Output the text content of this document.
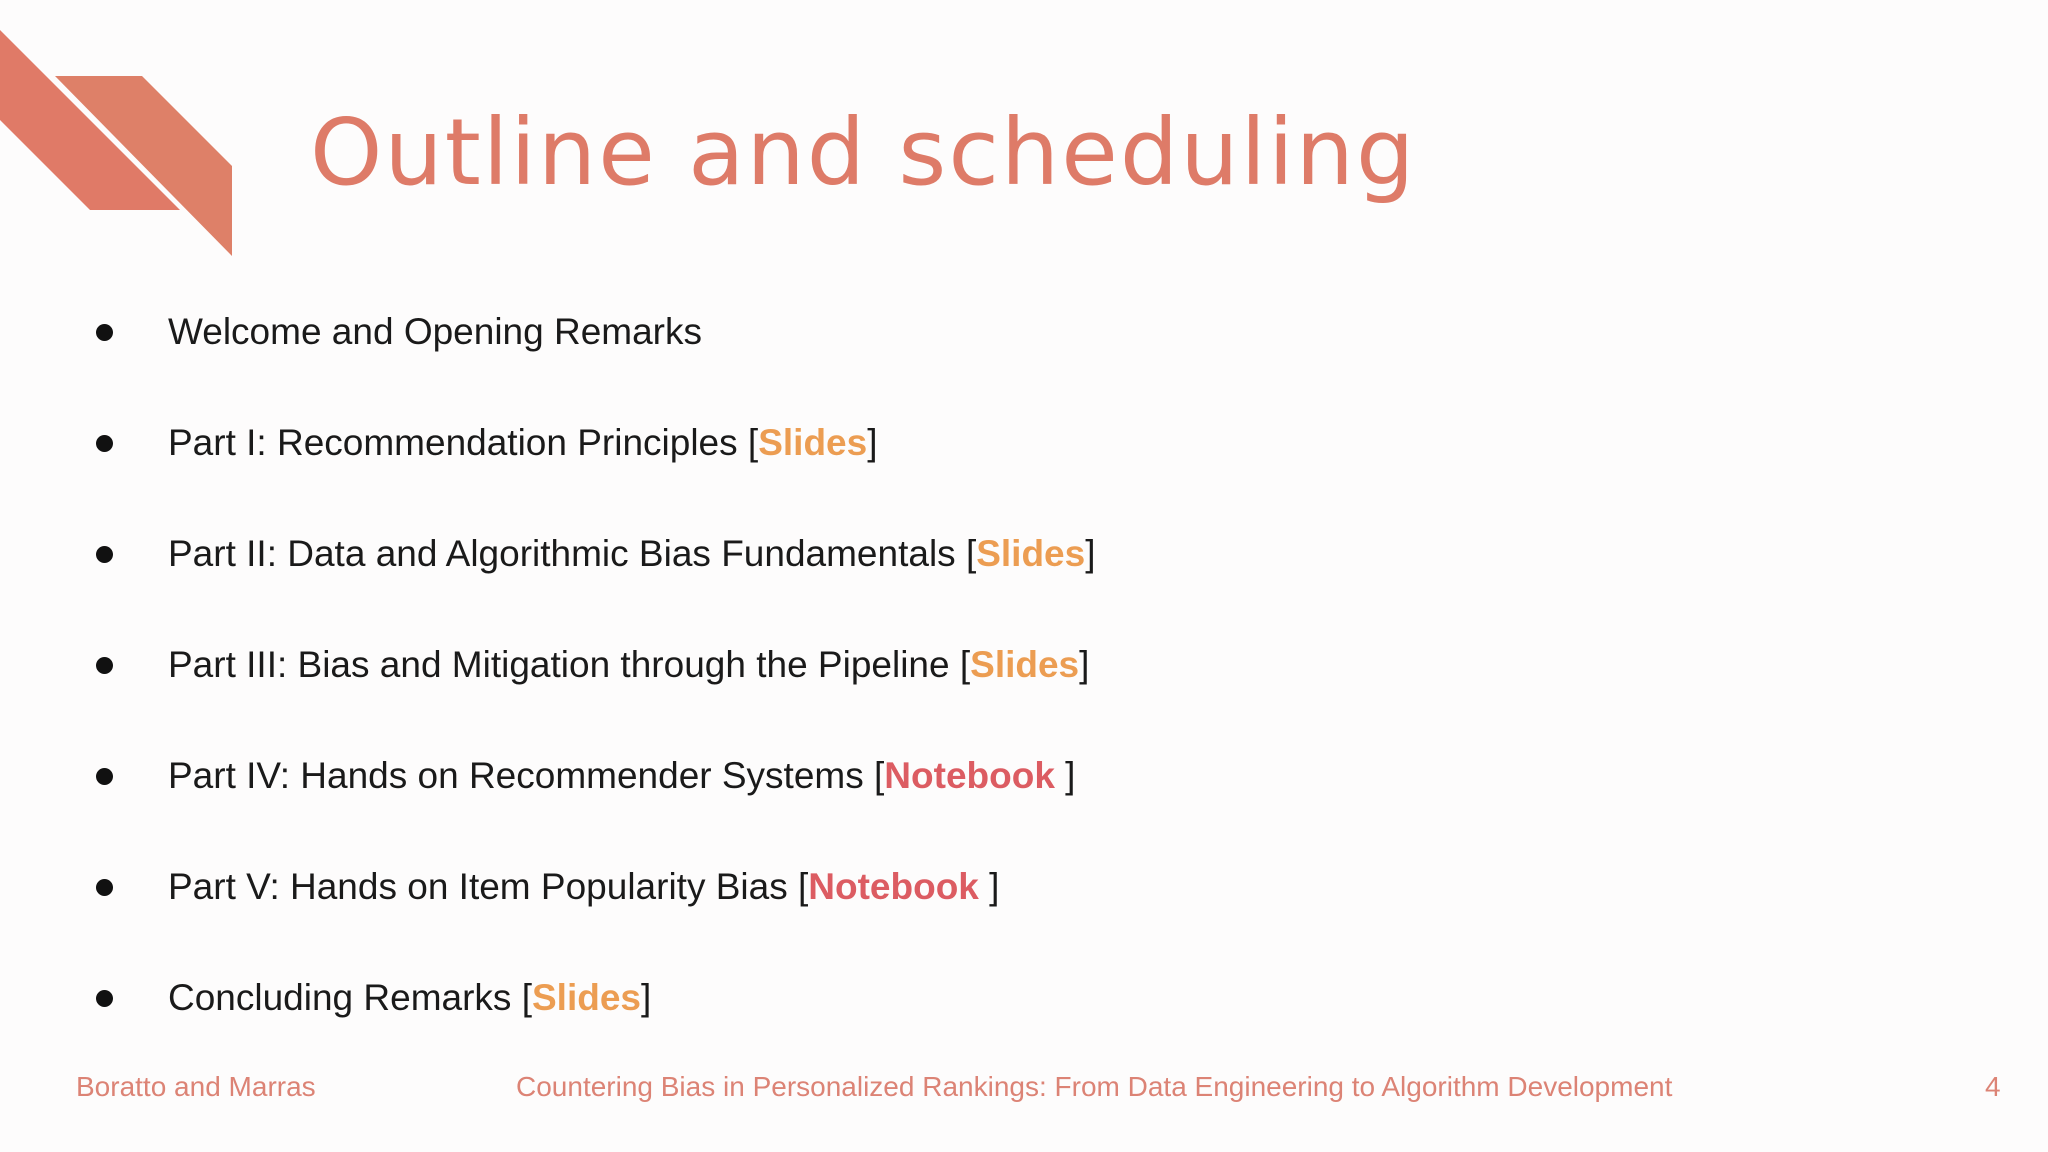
Outline and scheduling
Welcome and Opening Remarks
Part I: Recommendation Principles [Slides]
Part II: Data and Algorithmic Bias Fundamentals [Slides]
Part III: Bias and Mitigation through the Pipeline [Slides]
Part IV: Hands on Recommender Systems [Notebook ]
Part V: Hands on Item Popularity Bias [Notebook ]
Concluding Remarks [Slides]
Boratto and Marras	Countering Bias in Personalized Rankings: From Data Engineering to Algorithm Development	4
